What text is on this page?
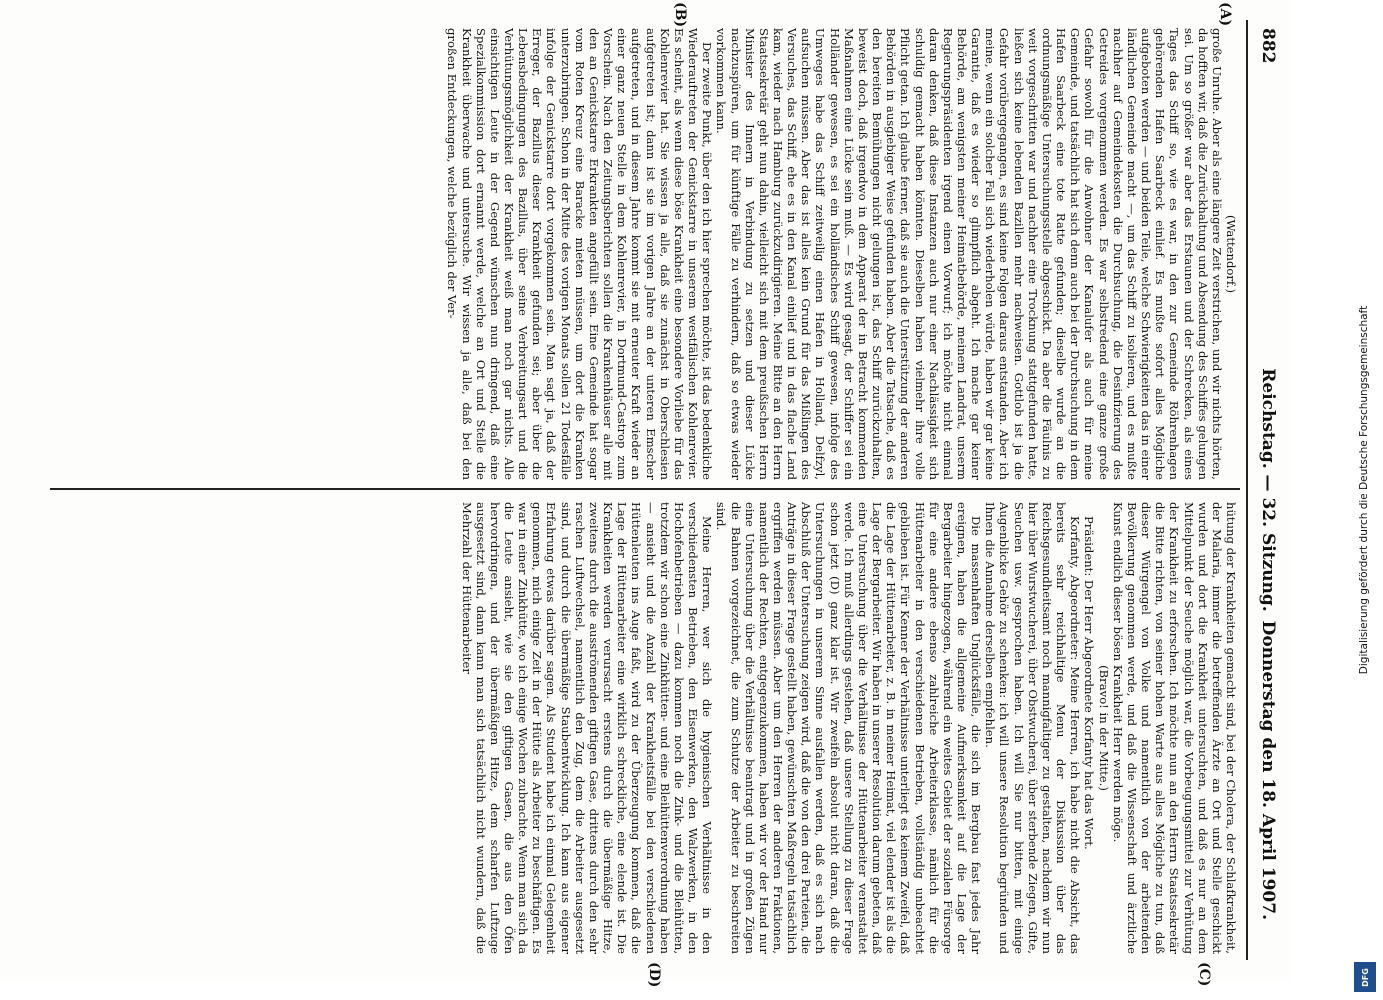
882
Reichstag. — 32. Sitzung.
Donnerstag den 18. April 1907.
(A)
(B)
(C)
(D)

(Wattendorf.)

große Unruhe. Aber als eine längere Zeit verstrichen, und wir nichts hörten, da hofften wir, daß die Zurückhaltung und Absendung des Schiffes gelungen sei. Um so größer war aber das Erstaunen und der Schrecken, als eines Tages das Schiff so, wie es war, in den zur Gemeinde Röhrenhagen gehörenden Hafen Saarbeck einlief. Es mußte sofort alles Mögliche aufgeboten werden — und beiden Teile, welche Schwierigkeiten das in einer ländlichen Gemeinde macht —, um das Schiff zu isolieren, und es mußte nachher auf Gemeindekosten die Durchsuchung, die Desinfizierung des Getreides vorgenommen werden. Es war selbstredend eine ganze große Gefahr sowohl für die Anwohner der Kanalufer als auch für meine Gemeinde, und tatsächlich hat sich denn auch bei der Durchsuchung in dem Hafen Saarbeck eine tote Ratte gefunden; dieselbe wurde an die ordnungsmäßige Untersuchungsstelle abgeschickt. Da aber die Fäulnis zu weit vorgeschritten war und nachher eine Trocknung stattgefunden hatte, ließen sich keine lebenden Bazillen mehr nachweisen. Gottlob ist ja die Gefahr vorübergegangen, es sind keine Folgen daraus entstanden. Aber ich meine, wenn ein solcher Fall sich wiederholen würde, haben wir gar keine Garantie, daß es wieder so glimpflich abgeht. Ich mache gar keiner Behörde, am wenigsten meiner Heimatbehörde, meinem Landrat, unserm Regierungspräsidenten irgend einen Vorwurf; ich möchte nicht einmal daran denken, daß diese Instanzen auch nur einer Nachlässigkeit sich schuldig gemacht haben könnten. Dieselben haben vielmehr ihre volle Pflicht getan. Ich glaube ferner, daß sie auch die Unterstützung der anderen Behörden in ausgiebiger Weise gefunden haben. Aber die Tatsache, daß es den bereiten Bemühungen nicht gelungen ist, das Schiff zurückzuhalten, beweist doch, daß irgendwo in dem Apparat der in Betracht kommenden Maßnahmen eine Lücke sein muß. — Es wird gesagt, der Schiffer sei ein Holländer gewesen, es sei ein holländisches Schiff gewesen, infolge des Umweges habe das Schiff zeitweilig einen Hafen in Holland, Delfzyl, aufsuchen müssen. Aber das ist alles kein Grund für das Mißlingen des Versuches, das Schiff, ehe es in den Kanal einlief und in das flache Land kam, wieder nach Hamburg zurückzudirigieren. Meine Bitte an den Herrn Staatssekretär geht nun dahin, vielleicht sich mit dem preußischen Herrn Minister des Innern in Verbindung zu setzen und dieser Lücke nachzuspüren, um für künftige Fälle zu verhindern, daß so etwas wieder vorkommen kann.

Der zweite Punkt, über den ich hier sprechen möchte, ist das bedenkliche Wiederauftreten der Genickstarre in unserem westfälischen Kohlenrevier. Es scheint, als wenn diese böse Krankheit eine besondere Vorliebe für das Kohlenrevier hat. Sie wissen ja alle, daß sie zunächst in Oberschlesien aufgetreten ist; dann ist sie im vorigen Jahre an der unteren Emscher aufgetreten, und in diesem Jahre kommt sie mit erneuter Kraft wieder an einer ganz neuen Stelle in dem Kohlenrevier, in Dortmund-Castrop zum Vorschein. Nach den Zeitungsberichten sollen die Krankenhäuser alle mit den an Genickstarre Erkrankten angefüllt sein. Eine Gemeinde hat sogar vom Roten Kreuz eine Baracke mieten müssen, um dort die Kranken unterzubringen. Schon in der Mitte des vorigen Monats sollen 21 Todesfälle infolge der Genickstarre dort vorgekommen sein. Man sagt ja, daß der Erreger, der Bazillus dieser Krankheit gefunden sei; aber über die Lebensbedingungen des Bazillus, über seine Verbreitungsart und die Verhütungsmöglichkeit der Krankheit weiß man noch gar nichts. Alle einsichtigen Leute in der Gegend wünschen nun dringend, daß eine Spezialkommission dort ernannt werde, welche an Ort und Stelle die Krankheit überwache und untersuche. Wir wissen ja alle, daß bei den großen Entdeckungen, welche bezüglich der Ver-

hütung der Krankheiten gemacht sind, bei der Cholera, der Schlafkrankheit, der Malaria, immer die betreffenden Ärzte an Ort und Stelle geschickt wurden und dort die Krankheit untersuchten, und daß es nur an dem Mittelpunkt der Seuche möglich war, die Vorbeugungsmittel zur Verhütung der Krankheit zu erforschen. Ich möchte nun an den Herrn Staatssekretär die Bitte richten, von seiner hohen Warte aus alles Mögliche zu tun, daß dieser Würgengel von Volke und namentlich von der arbeitenden Bevölkerung genommen werde, und daß die Wissenschaft und ärztliche Kunst endlich dieser bösen Krankheit Herr werden möge.

(Bravo! in der Mitte.)

Präsident: Der Herr Abgeordnete Korfanty hat das Wort.

Korfanty, Abgeordneter: Meine Herren, ich habe nicht die Absicht, das bereits sehr reichhaltige Menu der Diskussion über das Reichsgesundheitsamt noch mannigfaltiger zu gestalten, nachdem wir nun hier über Wurstwucherei, über Obstwucherei, über sterbende Ziegen, Gifte, Seuchen usw. gesprochen haben. Ich will Sie nur bitten, mit einige Augenblicke Gehör zu schenken: ich will unsere Resolution begründen und Ihnen die Annahme derselben empfehlen.

Die massenhaften Unglücksfälle, die sich im Bergbau fast jedes Jahr ereignen, haben die allgemeine Aufmerksamkeit auf die Lage der Bergarbeiter hingezogen, während ein weites Gebiet der sozialen Fürsorge für eine andere ebenso zahlreiche Arbeiterklasse, nämlich für die Hüttenarbeiter in den verschiedenen Betrieben, vollständig unbeachtet geblieben ist. Für Kenner der Verhältnisse unterliegt es keinem Zweifel, daß die Lage der Hüttenarbeiter, z. B. in meiner Heimat, viel elender ist als die Lage der Bergarbeiter. Wir haben in unserer Resolution darum gebeten, daß eine Untersuchung über die Verhältnisse der Hüttenarbeiter veranstaltet werde. Ich muß allerdings gestehen, daß unsere Stellung zu dieser Frage schon jetzt (D) ganz klar ist. Wir zweifeln absolut nicht daran, daß die Untersuchungen in unserem Sinne ausfallen werden, daß es sich nach Abschluß der Untersuchung zeigen wird, daß die von den drei Parteien, die Anträge in dieser Frage gestellt haben, gewünschten Maßregeln tatsächlich ergriffen werden müssen. Aber um den Herren der anderen Fraktionen, namentlich der Rechten, entgegenzukommen, haben wir vor der Hand nur eine Untersuchung über die Verhältnisse beantragt und in großen Zügen die Bahnen vorgezeichnet, die zum Schutze der Arbeiter zu beschreiten sind.

Meine Herren, wer sich die hygienischen Verhältnisse in den verschiedensten Betrieben, den Eisenwerken, den Walzwerken, in den Hochofenbetrieben — dazu kommen noch die Zink- und die Bleihütten, trotzdem wir schon eine Zinkhütten- und eine Bleihüttenverordnung haben — ansieht und die Anzahl der Krankheitsfälle bei den verschiedenen Hüttenleuten ins Auge faßt, wird zu der Überzeugung kommen, daß die Lage der Hüttenarbeiter eine wirklich schreckliche, eine elende ist. Die Krankheiten werden verursacht erstens durch die übermäßige Hitze, zweitens durch die ausströmenden giftigen Gase, drittens durch den sehr raschen Luftwechsel, namentlich den Zug, dem die Arbeiter ausgesetzt sind, und durch die übermäßige Staubentwicklung. Ich kann aus eigener Erfahrung etwas darüber sagen. Als Student habe ich einmal Gelegenheit genommen, mich einige Zeit in der Hütte als Arbeiter zu beschäftigen. Es war in einer Zinkhütte, wo ich einige Wochen zubrachte. Wenn man sich da die Leute ansieht, wie sie den giftigen Gasen, die aus den Öfen hervordringen, und der übermäßigen Hitze, dem scharfen Luftzuge ausgesetzt sind, dann kann man sich tatsächlich nicht wundern, daß die Mehrzahl der Hüttenarbeiter	Digitalisierung gefördert durch die Deutsche Forschungsgemeinschaft
DFG
